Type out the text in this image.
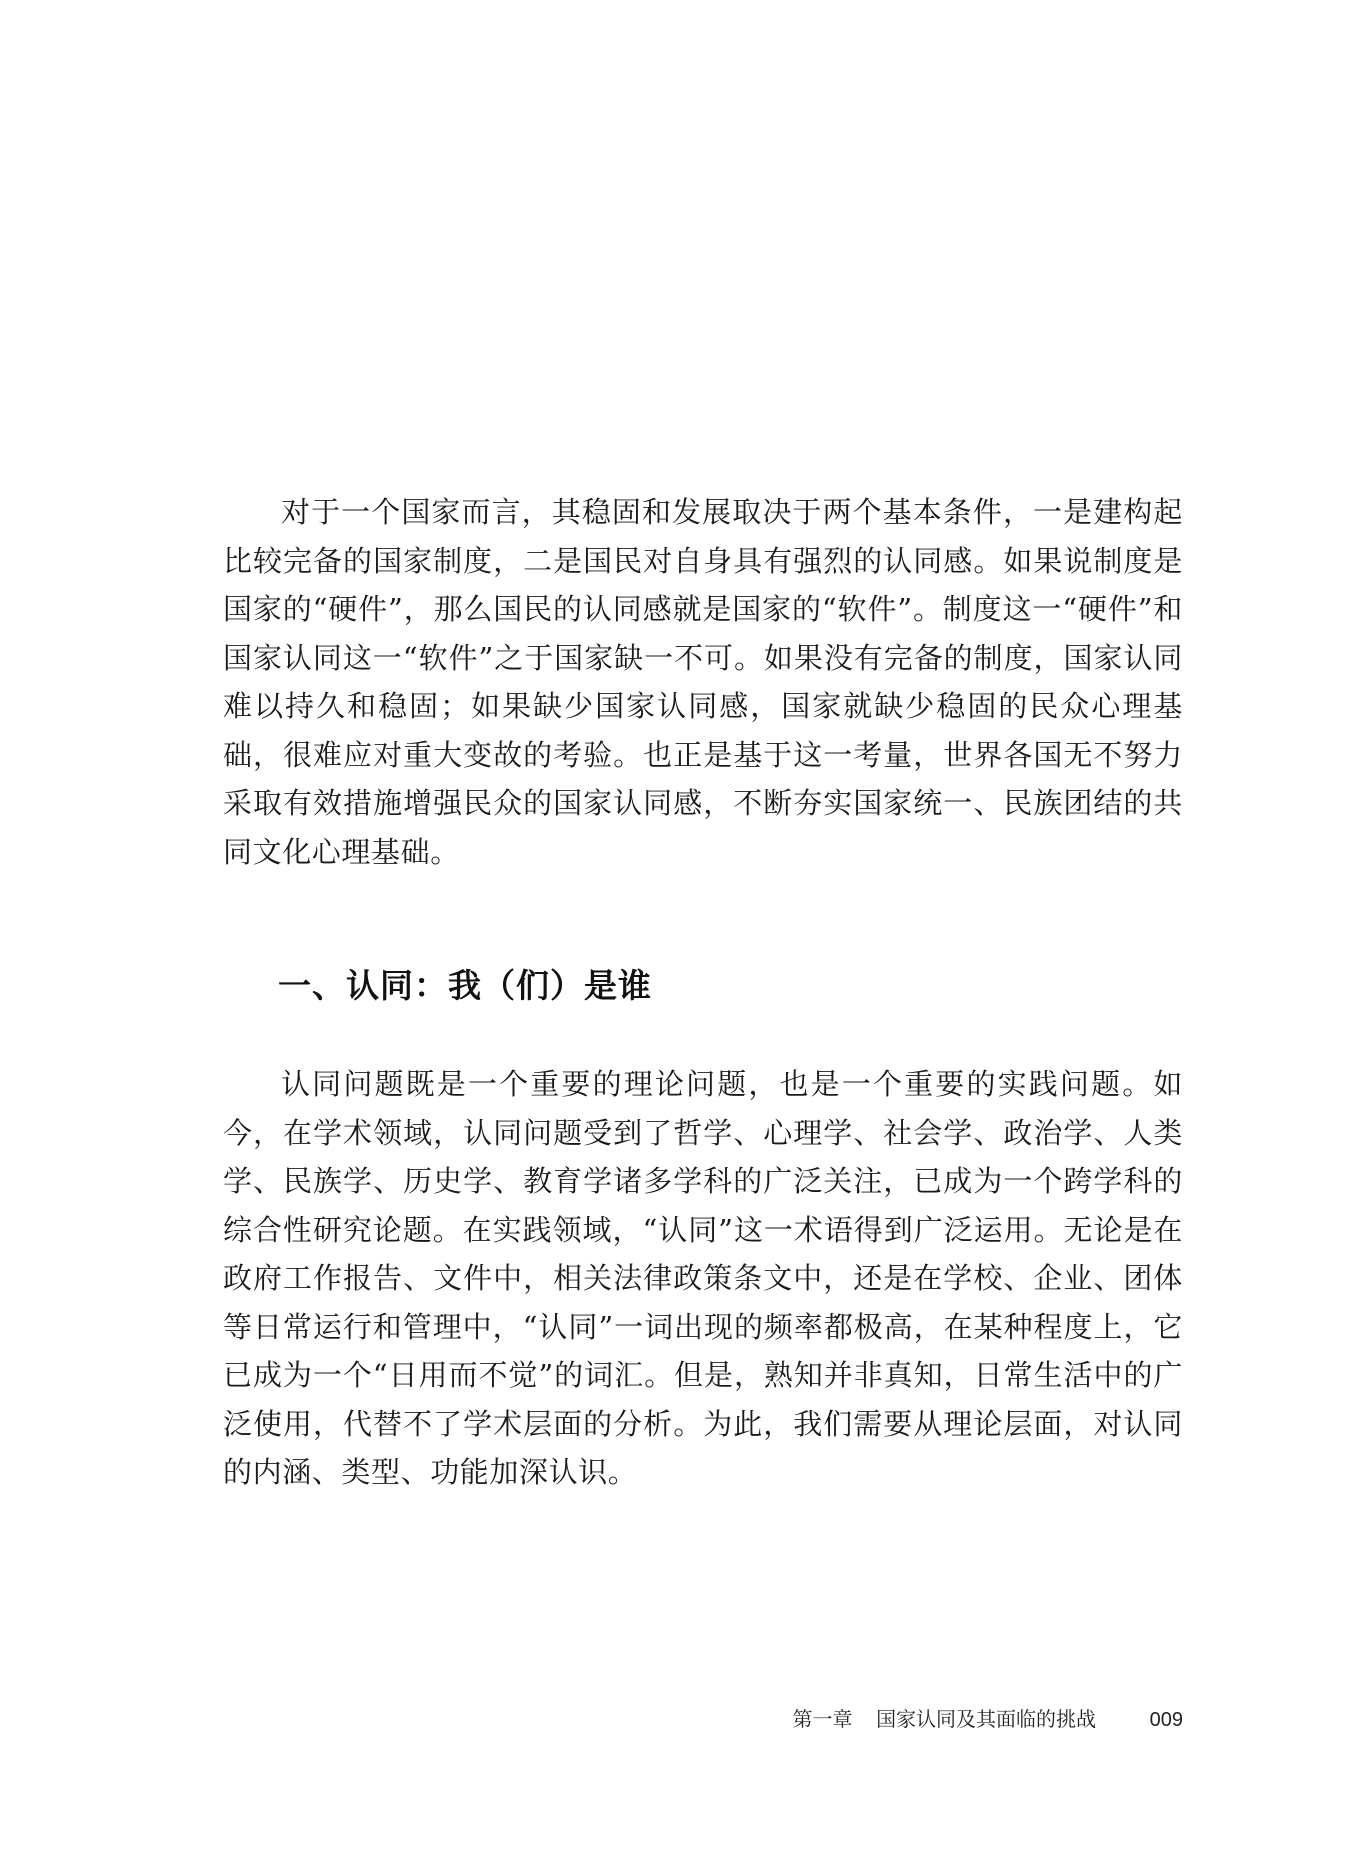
对于一个国家而言，其稳固和发展取决于两个基本条件，一是建构起比较完备的国家制度，二是国民对自身具有强烈的认同感。如果说制度是国家的“硬件”，那么国民的认同感就是国家的“软件”。制度这一“硬件”和国家认同这一“软件”之于国家缺一不可。如果没有完备的制度，国家认同难以持久和稳固；如果缺少国家认同感，国家就缺少稳固的民众心理基础，很难应对重大变故的考验。也正是基于这一考量，世界各国无不努力采取有效措施增强民众的国家认同感，不断夯实国家统一、民族团结的共同文化心理基础。

一、认同：我（们）是谁

认同问题既是一个重要的理论问题，也是一个重要的实践问题。如今，在学术领域，认同问题受到了哲学、心理学、社会学、政治学、人类学、民族学、历史学、教育学诸多学科的广泛关注，已成为一个跨学科的综合性研究论题。在实践领域，“认同”这一术语得到广泛运用。无论是在政府工作报告、文件中，相关法律政策条文中，还是在学校、企业、团体等日常运行和管理中，“认同”一词出现的频率都极高，在某种程度上，它已成为一个“日用而不觉”的词汇。但是，熟知并非真知，日常生活中的广泛使用，代替不了学术层面的分析。为此，我们需要从理论层面，对认同的内涵、类型、功能加深认识。

第一章 国家认同及其面临的挑战	009
